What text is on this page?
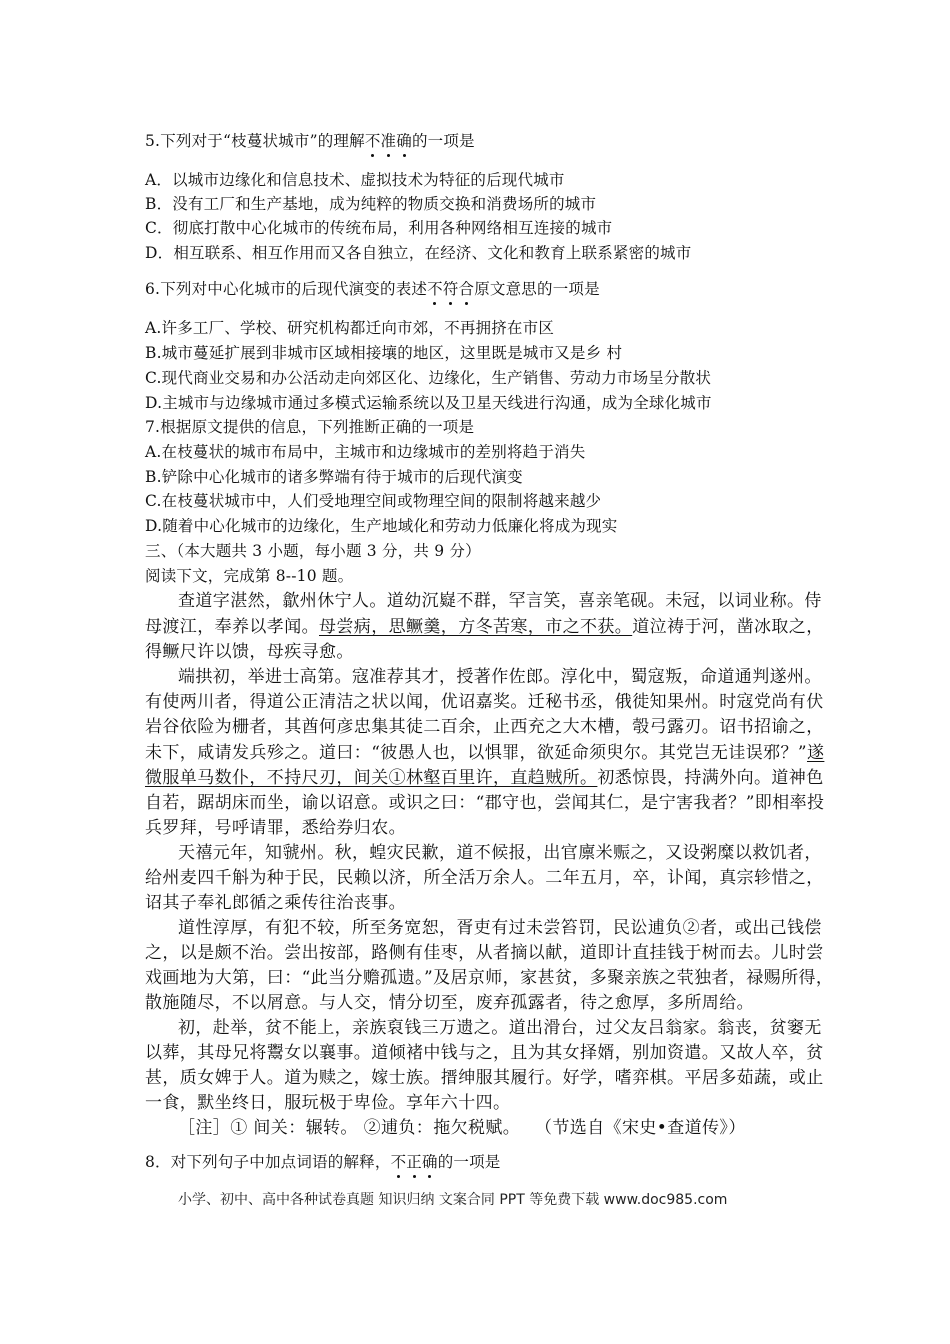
5.下列对于“枝蔓状城市”的理解不准确的一项是
A．以城市边缘化和信息技术、虚拟技术为特征的后现代城市
B．没有工厂和生产基地，成为纯粹的物质交换和消费场所的城市
C．彻底打散中心化城市的传统布局，利用各种网络相互连接的城市
D．相互联系、相互作用而又各自独立，在经济、文化和教育上联系紧密的城市
6.下列对中心化城市的后现代演变的表述不符合原文意思的一项是
A.许多工厂、学校、研究机构都迁向市郊，不再拥挤在市区
B.城市蔓延扩展到非城市区域相接壤的地区，这里既是城市又是乡 村
C.现代商业交易和办公活动走向郊区化、边缘化，生产销售、劳动力市场呈分散状
D.主城市与边缘城市通过多模式运输系统以及卫星天线进行沟通，成为全球化城市
7.根据原文提供的信息，下列推断正确的一项是
A.在枝蔓状的城市布局中，主城市和边缘城市的差别将趋于消失
B.铲除中心化城市的诸多弊端有待于城市的后现代演变
C.在枝蔓状城市中，人们受地理空间或物理空间的限制将越来越少
D.随着中心化城市的边缘化，生产地域化和劳动力低廉化将成为现实
三、（本大题共 3 小题，每小题 3 分，共 9 分）
阅读下文，完成第 8--10 题。
查道字湛然，歙州休宁人。道幼沉嶷不群，罕言笑，喜亲笔砚。未冠，以词业称。侍
母渡江，奉养以孝闻。母尝病，思鳜羹，方冬苦寒，市之不获。道泣祷于河，凿冰取之，
得鳜尺许以馈，母疾寻愈。
端拱初，举进士高第。寇准荐其才，授著作佐郎。淳化中，蜀寇叛，命道通判遂州。
有使两川者，得道公正清洁之状以闻，优诏嘉奖。迁秘书丞，俄徙知果州。时寇党尚有伏
岩谷依险为栅者，其酋何彦忠集其徒二百余，止西充之大木槽，彀弓露刃。诏书招谕之，
未下，咸请发兵殄之。道曰：“彼愚人也，以惧罪，欲延命须臾尔。其党岂无诖误邪？”遂
微服单马数仆，不持尺刃，间关①林壑百里许，直趋贼所。初悉惊畏，持满外向。道神色
自若，踞胡床而坐，谕以诏意。或识之曰：“郡守也，尝闻其仁，是宁害我者？”即相率投
兵罗拜，号呼请罪，悉给券归农。
天禧元年，知虢州。秋，蝗灾民歉，道不候报，出官廪米赈之，又设粥糜以救饥者，
给州麦四千斛为种于民，民赖以济，所全活万余人。二年五月，卒，讣闻，真宗轸惜之，
诏其子奉礼郎循之乘传往治丧事。
道性淳厚，有犯不较，所至务宽恕，胥吏有过未尝笞罚，民讼逋负②者，或出己钱偿
之，以是颇不治。尝出按部，路侧有佳枣，从者摘以献，道即计直挂钱于树而去。儿时尝
戏画地为大第，曰：“此当分赡孤遗。”及居京师，家甚贫，多聚亲族之茕独者，禄赐所得，
散施随尽，不以屑意。与人交，情分切至，废弃孤露者，待之愈厚，多所周给。
初，赴举，贫不能上，亲族裒钱三万遗之。道出滑台，过父友吕翁家。翁丧，贫窭无
以葬，其母兄将鬻女以襄事。道倾褚中钱与之，且为其女择婿，别加资遣。又故人卒，贫
甚，质女婢于人。道为赎之，嫁士族。搢绅服其履行。好学，嗜弈棋。平居多茹蔬，或止
一食，默坐终日，服玩极于卑俭。享年六十四。
［注］① 间关：辗转。 ②逋负：拖欠税赋。 （节选自《宋史•查道传》）
8．对下列句子中加点词语的解释，不正确的一项是
小学、初中、高中各种试卷真题 知识归纳 文案合同 PPT 等免费下载 www.doc985.com
